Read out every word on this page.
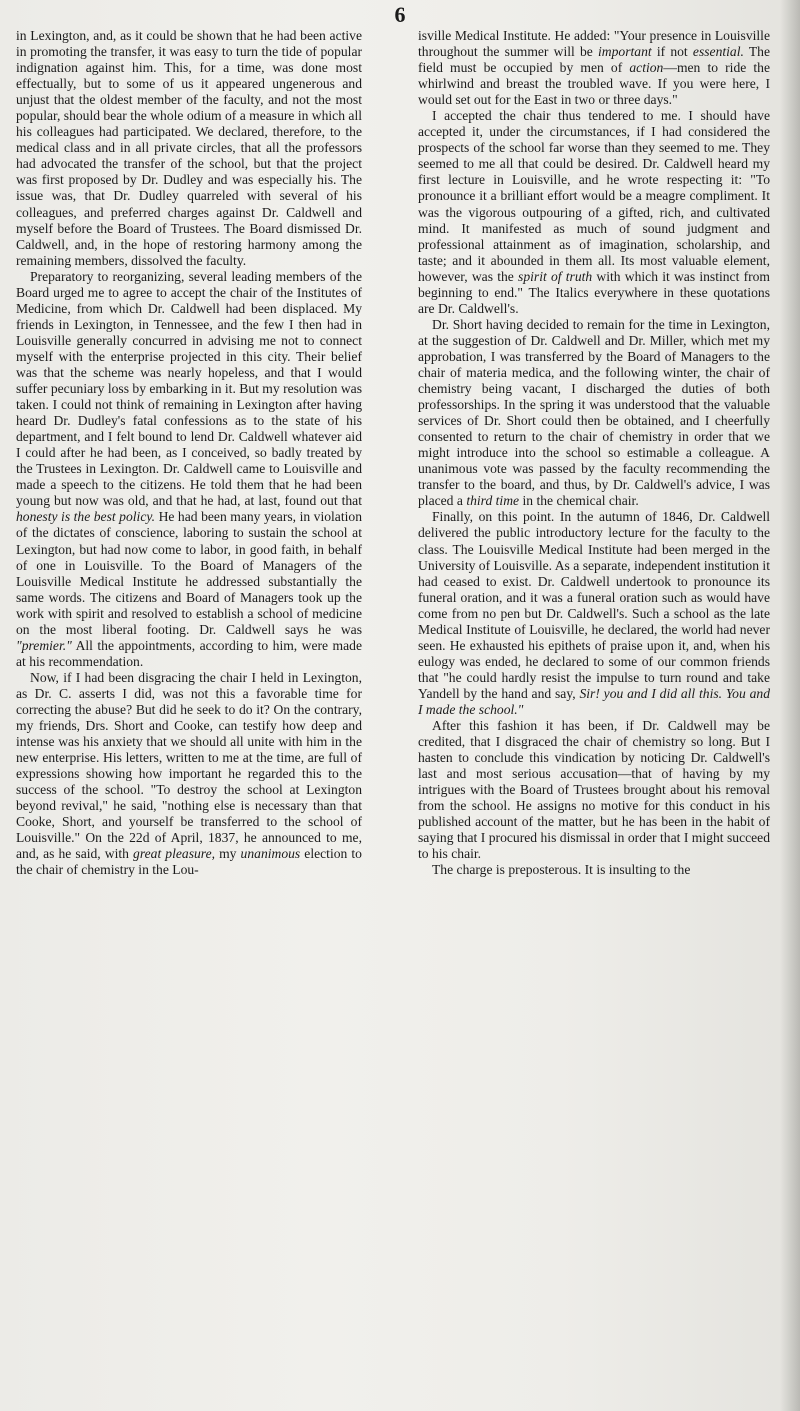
6

in Lexington, and, as it could be shown that he had been active in promoting the transfer, it was easy to turn the tide of popular indignation against him. This, for a time, was done most effectually, but to some of us it appeared ungenerous and unjust that the oldest member of the faculty, and not the most popular, should bear the whole odium of a measure in which all his colleagues had participated. We declared, therefore, to the medical class and in all private circles, that all the professors had advocated the transfer of the school, but that the project was first proposed by Dr. Dudley and was especially his. The issue was, that Dr. Dudley quarreled with several of his colleagues, and preferred charges against Dr. Caldwell and myself before the Board of Trustees. The Board dismissed Dr. Caldwell, and, in the hope of restoring harmony among the remaining members, dissolved the faculty.

Preparatory to reorganizing, several leading members of the Board urged me to agree to accept the chair of the Institutes of Medicine, from which Dr. Caldwell had been displaced. My friends in Lexington, in Tennessee, and the few I then had in Louisville generally concurred in advising me not to connect myself with the enterprise projected in this city. Their belief was that the scheme was nearly hopeless, and that I would suffer pecuniary loss by embarking in it. But my resolution was taken. I could not think of remaining in Lexington after having heard Dr. Dudley's fatal confessions as to the state of his department, and I felt bound to lend Dr. Caldwell whatever aid I could after he had been, as I conceived, so badly treated by the Trustees in Lexington. Dr. Caldwell came to Louisville and made a speech to the citizens. He told them that he had been young but now was old, and that he had, at last, found out that honesty is the best policy. He had been many years, in violation of the dictates of conscience, laboring to sustain the school at Lexington, but had now come to labor, in good faith, in behalf of one in Louisville. To the Board of Managers of the Louisville Medical Institute he addressed substantially the same words. The citizens and Board of Managers took up the work with spirit and resolved to establish a school of medicine on the most liberal footing. Dr. Caldwell says he was "premier." All the appointments, according to him, were made at his recommendation.

Now, if I had been disgracing the chair I held in Lexington, as Dr. C. asserts I did, was not this a favorable time for correcting the abuse? But did he seek to do it? On the contrary, my friends, Drs. Short and Cooke, can testify how deep and intense was his anxiety that we should all unite with him in the new enterprise. His letters, written to me at the time, are full of expressions showing how important he regarded this to the success of the school. "To destroy the school at Lexington beyond revival," he said, "nothing else is necessary than that Cooke, Short, and yourself be transferred to the school of Louisville." On the 22d of April, 1837, he announced to me, and, as he said, with great pleasure, my unanimous election to the chair of chemistry in the Lou-

isville Medical Institute. He added: "Your presence in Louisville throughout the summer will be important if not essential. The field must be occupied by men of action—men to ride the whirlwind and breast the troubled wave. If you were here, I would set out for the East in two or three days."

I accepted the chair thus tendered to me. I should have accepted it, under the circumstances, if I had considered the prospects of the school far worse than they seemed to me. They seemed to me all that could be desired. Dr. Caldwell heard my first lecture in Louisville, and he wrote respecting it: "To pronounce it a brilliant effort would be a meagre compliment. It was the vigorous outpouring of a gifted, rich, and cultivated mind. It manifested as much of sound judgment and professional attainment as of imagination, scholarship, and taste; and it abounded in them all. Its most valuable element, however, was the spirit of truth with which it was instinct from beginning to end." The Italics everywhere in these quotations are Dr. Caldwell's.

Dr. Short having decided to remain for the time in Lexington, at the suggestion of Dr. Caldwell and Dr. Miller, which met my approbation, I was transferred by the Board of Managers to the chair of materia medica, and the following winter, the chair of chemistry being vacant, I discharged the duties of both professorships. In the spring it was understood that the valuable services of Dr. Short could then be obtained, and I cheerfully consented to return to the chair of chemistry in order that we might introduce into the school so estimable a colleague. A unanimous vote was passed by the faculty recommending the transfer to the board, and thus, by Dr. Caldwell's advice, I was placed a third time in the chemical chair.

Finally, on this point. In the autumn of 1846, Dr. Caldwell delivered the public introductory lecture for the faculty to the class. The Louisville Medical Institute had been merged in the University of Louisville. As a separate, independent institution it had ceased to exist. Dr. Caldwell undertook to pronounce its funeral oration, and it was a funeral oration such as would have come from no pen but Dr. Caldwell's. Such a school as the late Medical Institute of Louisville, he declared, the world had never seen. He exhausted his epithets of praise upon it, and, when his eulogy was ended, he declared to some of our common friends that "he could hardly resist the impulse to turn round and take Yandell by the hand and say, Sir! you and I did all this. You and I made the school."

After this fashion it has been, if Dr. Caldwell may be credited, that I disgraced the chair of chemistry so long. But I hasten to conclude this vindication by noticing Dr. Caldwell's last and most serious accusation—that of having by my intrigues with the Board of Trustees brought about his removal from the school. He assigns no motive for this conduct in his published account of the matter, but he has been in the habit of saying that I procured his dismissal in order that I might succeed to his chair.

The charge is preposterous. It is insulting to the
